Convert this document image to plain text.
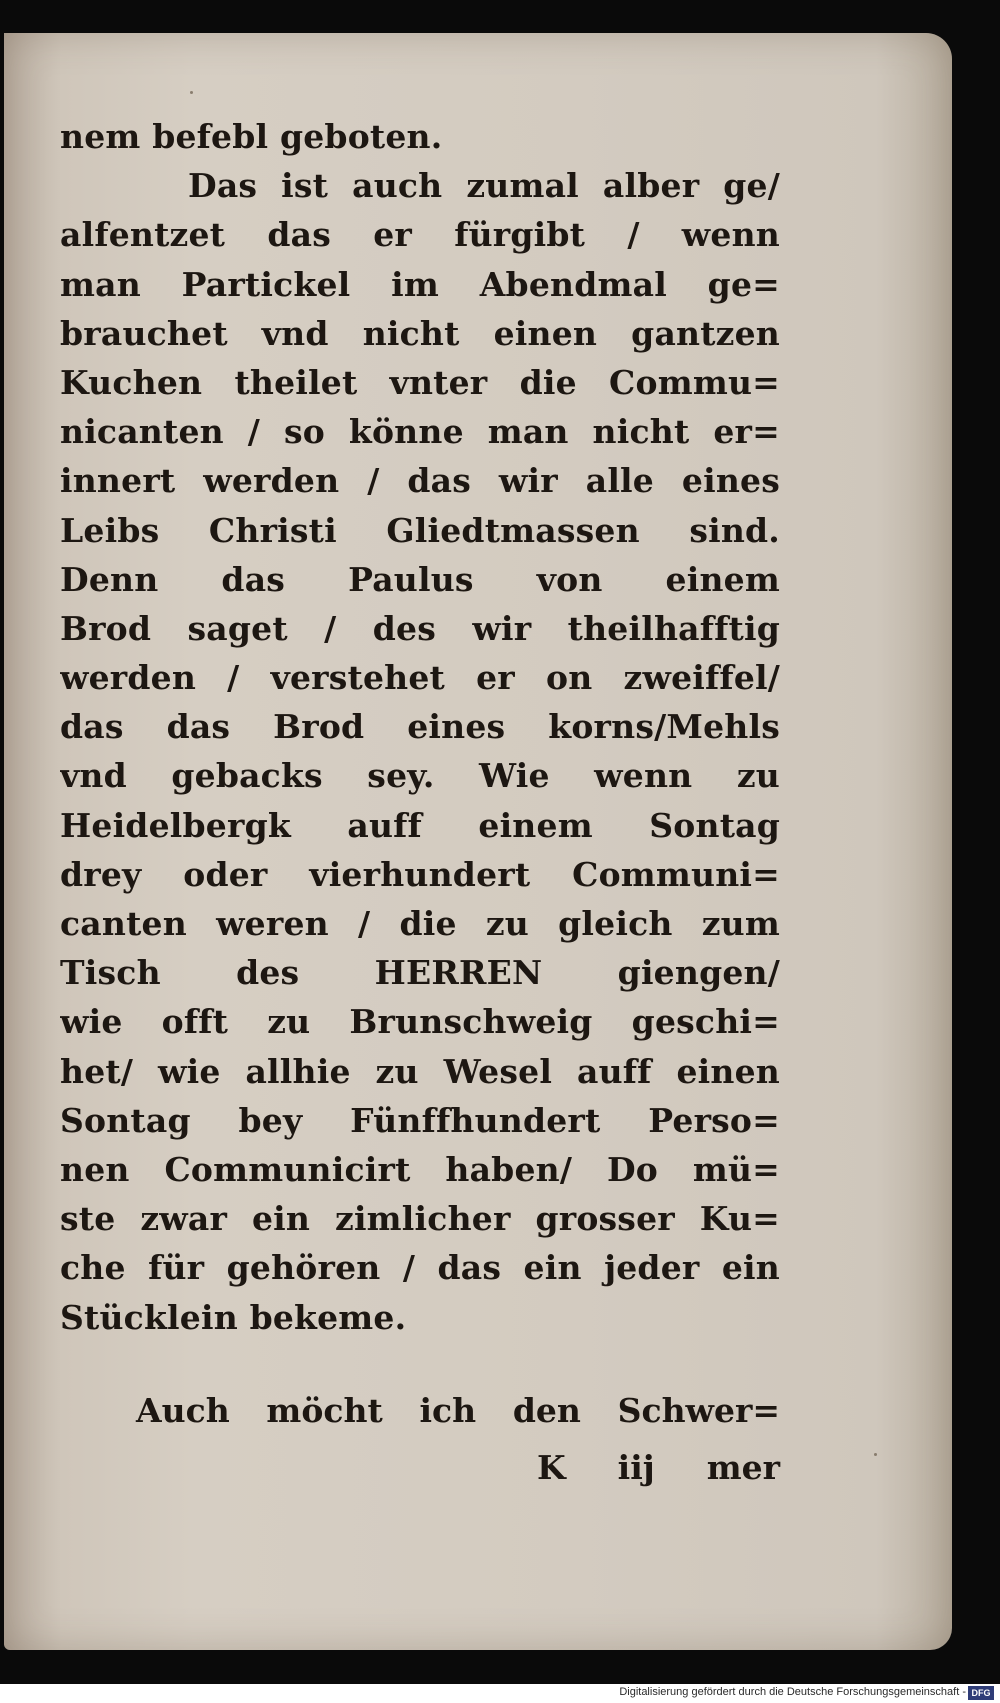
nem befebl geboten.
Das ist auch zumal alber ge/
alfentzet das er fürgibt / wenn
man Partickel im Abendmal ge=
brauchet vnd nicht einen gantzen
Kuchen theilet vnter die Commu=
nicanten / so könne man nicht er=
innert werden / das wir alle eines
Leibs Christi Gliedtmassen sind.
Denn das Paulus von einem
Brod saget / des wir theilhafftig
werden / verstehet er on zweiffel/
das das Brod eines korns/Mehls
vnd gebacks sey. Wie wenn zu
Heidelbergk auff einem Sontag
drey oder vierhundert Communi=
canten weren / die zu gleich zum
Tisch des HERREN giengen/
wie offt zu Brunschweig geschi=
het/ wie allhie zu Wesel auff einen
Sontag bey Fünffhundert Perso=
nen Communicirt haben/ Do mü=
ste zwar ein zimlicher grosser Ku=
che für gehören / das ein jeder ein
Stücklein bekeme.
Auch möcht ich den Schwer=
K iij mer
Digitalisierung gefördert durch die Deutsche Forschungsgemeinschaft - DFG
